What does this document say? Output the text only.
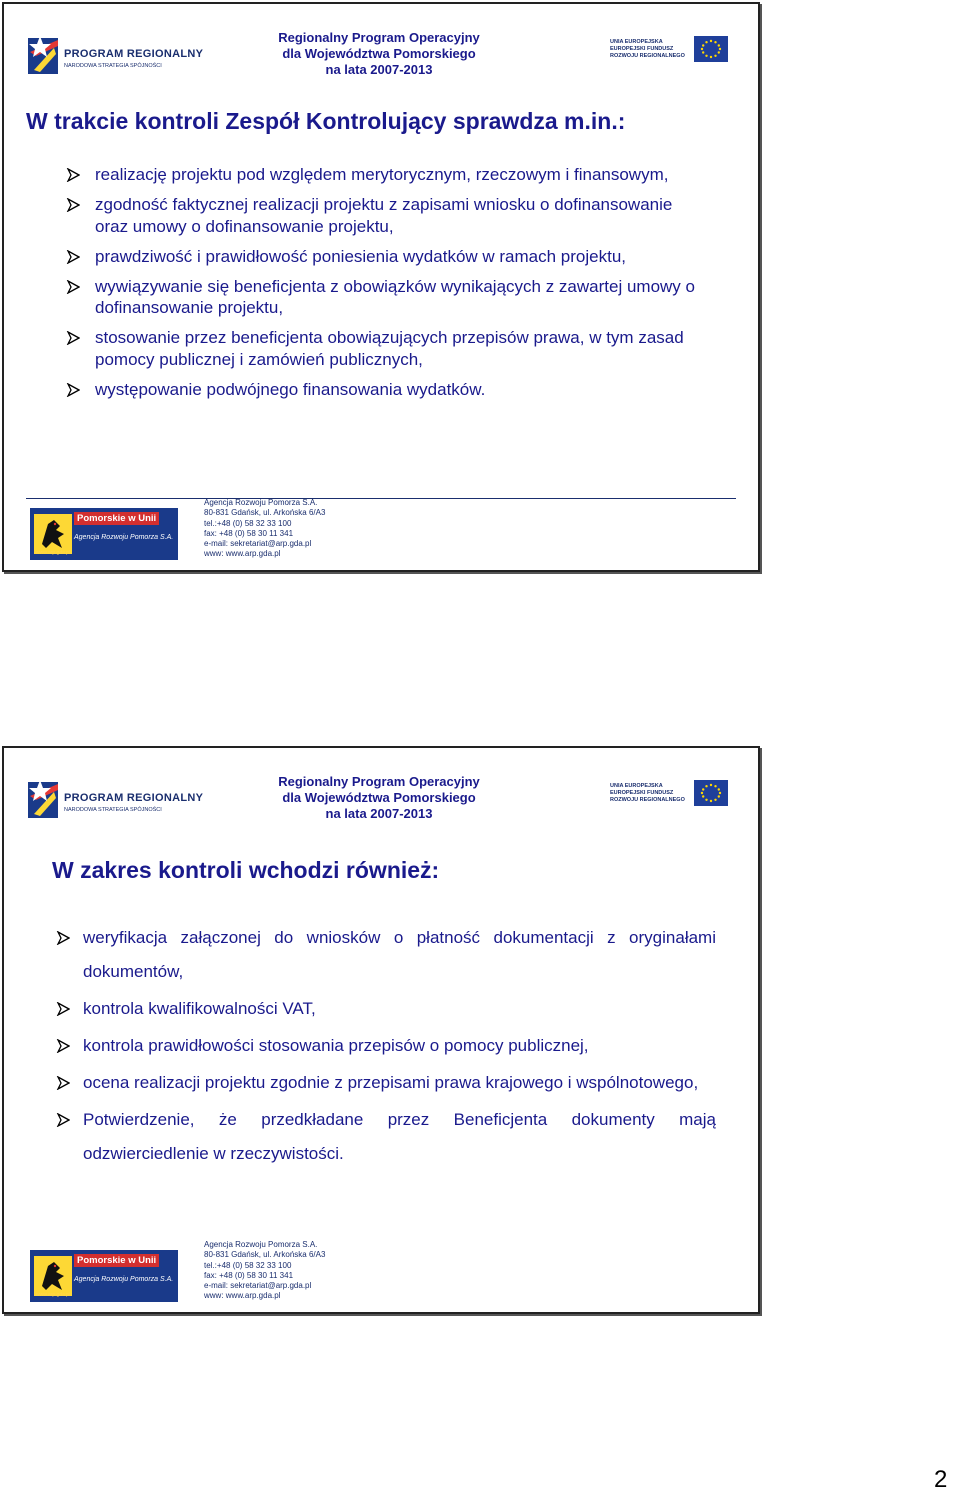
PROGRAM REGIONALNY
NARODOWA STRATEGIA SPÓJNOŚCI
Regionalny Program Operacyjny
dla Województwa Pomorskiego
na lata 2007-2013
UNIA EUROPEJSKA
EUROPEJSKI FUNDUSZ
ROZWOJU REGIONALNEGO
W trakcie kontroli Zespół Kontrolujący sprawdza m.in.:
realizację projektu pod względem merytorycznym, rzeczowym i finansowym,
zgodność faktycznej realizacji projektu z zapisami wniosku o dofinansowanie oraz umowy o dofinansowanie projektu,
prawdziwość i prawidłowość poniesienia wydatków w ramach projektu,
wywiązywanie się beneficjenta z obowiązków wynikających z zawartej umowy o dofinansowanie projektu,
stosowanie przez beneficjenta obowiązujących przepisów prawa, w tym zasad pomocy publicznej i zamówień publicznych,
występowanie podwójnego finansowania wydatków.
Pomorskie w Unii
Agencja Rozwoju Pomorza S.A.
www.arp.gda.pl
Agencja Rozwoju Pomorza S.A.
80-831 Gdańsk, ul. Arkońska 6/A3
tel.:+48 (0) 58 32 33 100
fax: +48 (0) 58 30 11 341
e-mail: sekretariat@arp.gda.pl
www: www.arp.gda.pl
PROGRAM REGIONALNY
NARODOWA STRATEGIA SPÓJNOŚCI
Regionalny Program Operacyjny
dla Województwa Pomorskiego
na lata 2007-2013
UNIA EUROPEJSKA
EUROPEJSKI FUNDUSZ
ROZWOJU REGIONALNEGO
W zakres kontroli wchodzi również:
weryfikacja załączonej do wniosków o płatność dokumentacji z oryginałami dokumentów,
kontrola kwalifikowalności VAT,
kontrola prawidłowości stosowania przepisów o pomocy publicznej,
ocena realizacji projektu zgodnie z przepisami prawa krajowego i wspólnotowego,
Potwierdzenie, że przedkładane przez Beneficjenta dokumenty mają odzwierciedlenie w rzeczywistości.
Pomorskie w Unii
Agencja Rozwoju Pomorza S.A.
www.arp.gda.pl
Agencja Rozwoju Pomorza S.A.
80-831 Gdańsk, ul. Arkońska 6/A3
tel.:+48 (0) 58 32 33 100
fax: +48 (0) 58 30 11 341
e-mail: sekretariat@arp.gda.pl
www: www.arp.gda.pl
2
